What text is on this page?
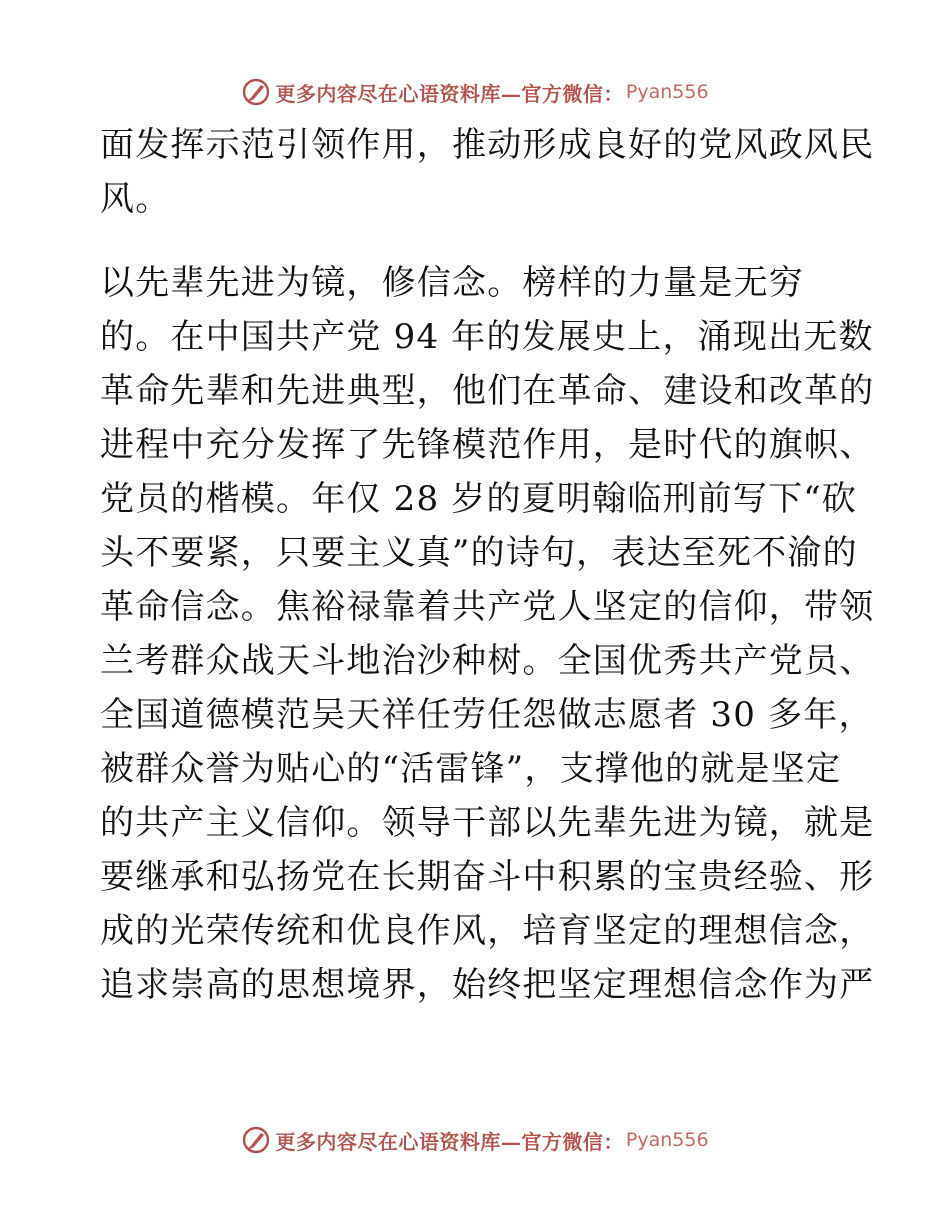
更多内容尽在心语资料库—官方微信： Pyan556
面发挥示范引领作用，推动形成良好的党风政风民
风。
以先辈先进为镜，修信念。榜样的力量是无穷
的。在中国共产党 94 年的发展史上，涌现出无数
革命先辈和先进典型，他们在革命、建设和改革的
进程中充分发挥了先锋模范作用，是时代的旗帜、
党员的楷模。年仅 28 岁的夏明翰临刑前写下“砍
头不要紧，只要主义真”的诗句，表达至死不渝的
革命信念。焦裕禄靠着共产党人坚定的信仰，带领
兰考群众战天斗地治沙种树。全国优秀共产党员、
全国道德模范吴天祥任劳任怨做志愿者 30 多年，
被群众誉为贴心的“活雷锋”，支撑他的就是坚定
的共产主义信仰。领导干部以先辈先进为镜，就是
要继承和弘扬党在长期奋斗中积累的宝贵经验、形
成的光荣传统和优良作风，培育坚定的理想信念，
追求崇高的思想境界，始终把坚定理想信念作为严
更多内容尽在心语资料库—官方微信： Pyan556
